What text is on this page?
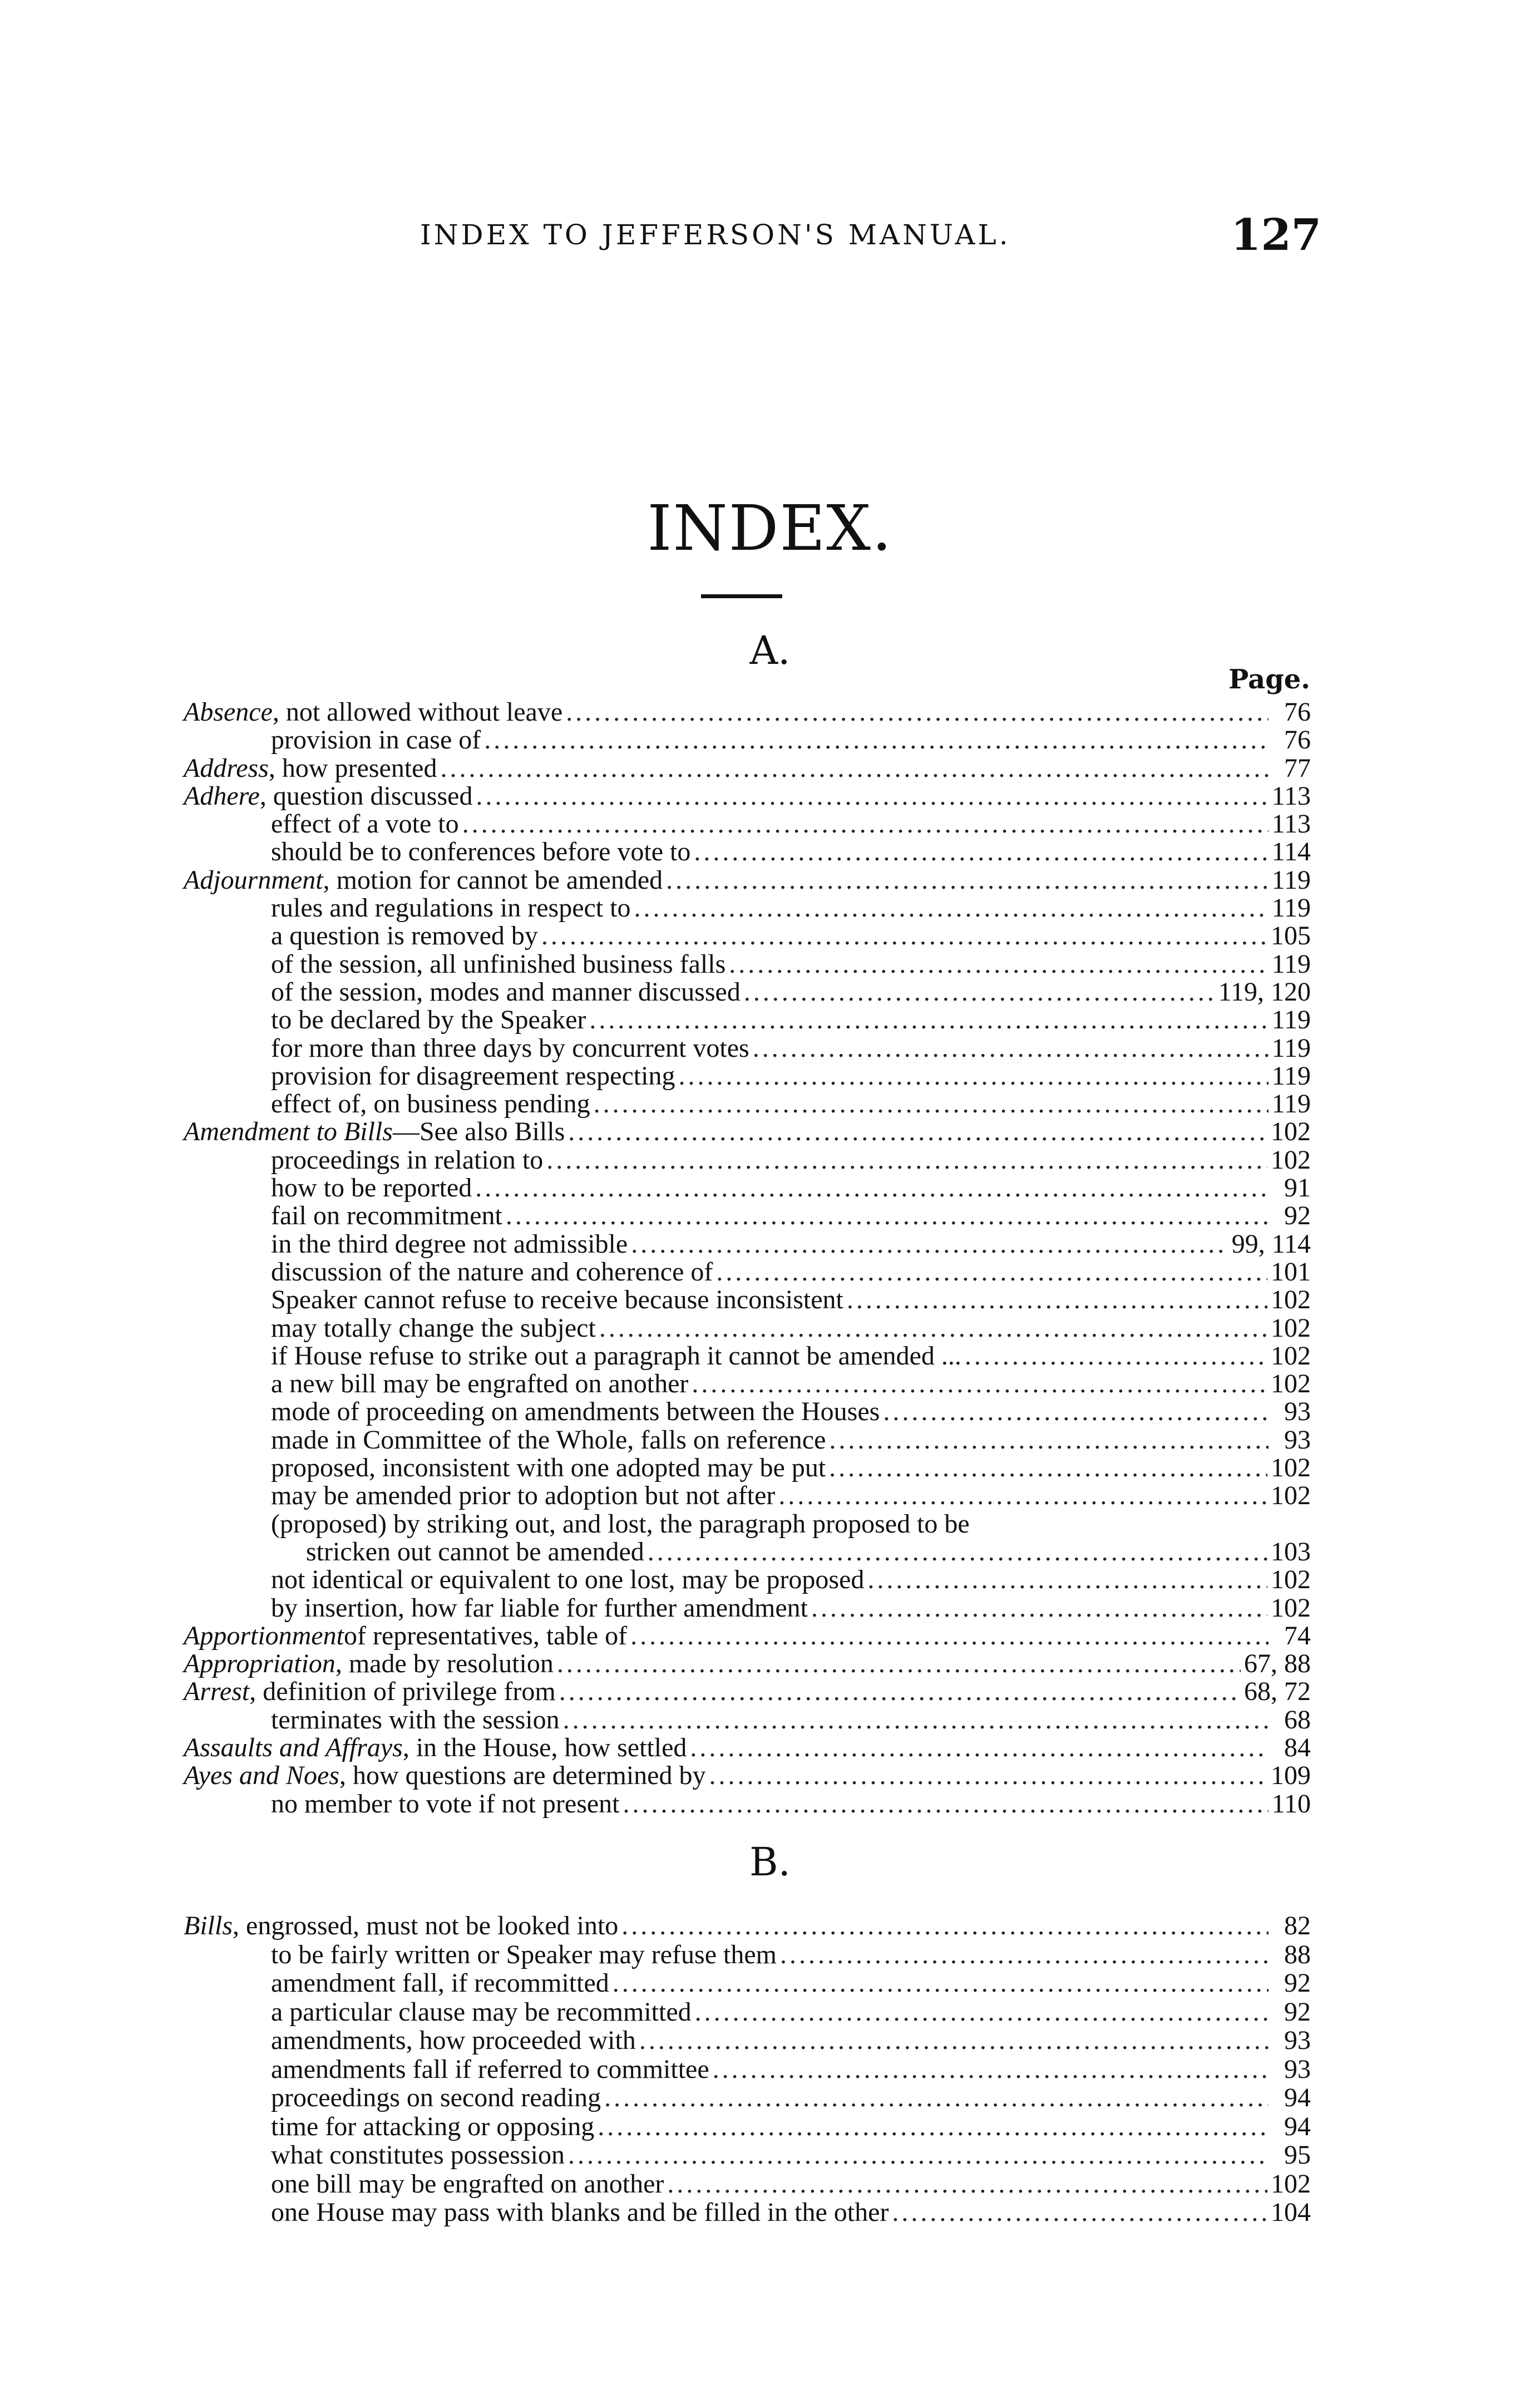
INDEX TO JEFFERSON'S MANUAL.	127
INDEX.
A.
Page.
Absence , not allowed without leave .....	76
provision in case of .....	76
Address , how presented .....	77
Adhere , question discussed .....	113
effect of a vote to .....	113
should be to conferences before vote to .....	114
Adjournment , motion for cannot be amended .....	119
rules and regulations in respect to .....	119
a question is removed by .....	105
of the session, all unfinished business falls .....	119
of the session, modes and manner discussed .....	119, 120
to be declared by the Speaker .....	119
for more than three days by concurrent votes .....	119
provision for disagreement respecting .....	119
effect of, on business pending .....	119
Amendment to Bills —See also Bills .....	102
proceedings in relation to .....	102
how to be reported .....	91
fail on recommitment .....	92
in the third degree not admissible .....	99, 114
discussion of the nature and coherence of .....	101
Speaker cannot refuse to receive because inconsistent .....	102
may totally change the subject .....	102
if House refuse to strike out a paragraph it cannot be amended ... .....	102
a new bill may be engrafted on another .....	102
mode of proceeding on amendments between the Houses .....	93
made in Committee of the Whole, falls on reference .....	93
proposed, inconsistent with one adopted may be put .....	102
may be amended prior to adoption but not after .....	102
(proposed) by striking out, and lost, the paragraph proposed to be
stricken out cannot be amended .....	103
not identical or equivalent to one lost, may be proposed .....	102
by insertion, how far liable for further amendment .....	102
Apportionment of representatives, table of .....	74
Appropriation , made by resolution .....	67, 88
Arrest , definition of privilege from .....	68, 72
terminates with the session .....	68
Assaults and Affrays , in the House, how settled .....	84
Ayes and Noes , how questions are determined by .....	109
no member to vote if not present .....	110
B.
Bills , engrossed, must not be looked into .....	82
to be fairly written or Speaker may refuse them .....	88
amendment fall, if recommitted .....	92
a particular clause may be recommitted .....	92
amendments, how proceeded with .....	93
amendments fall if referred to committee .....	93
proceedings on second reading .....	94
time for attacking or opposing .....	94
what constitutes possession .....	95
one bill may be engrafted on another .....	102
one House may pass with blanks and be filled in the other .....	104
